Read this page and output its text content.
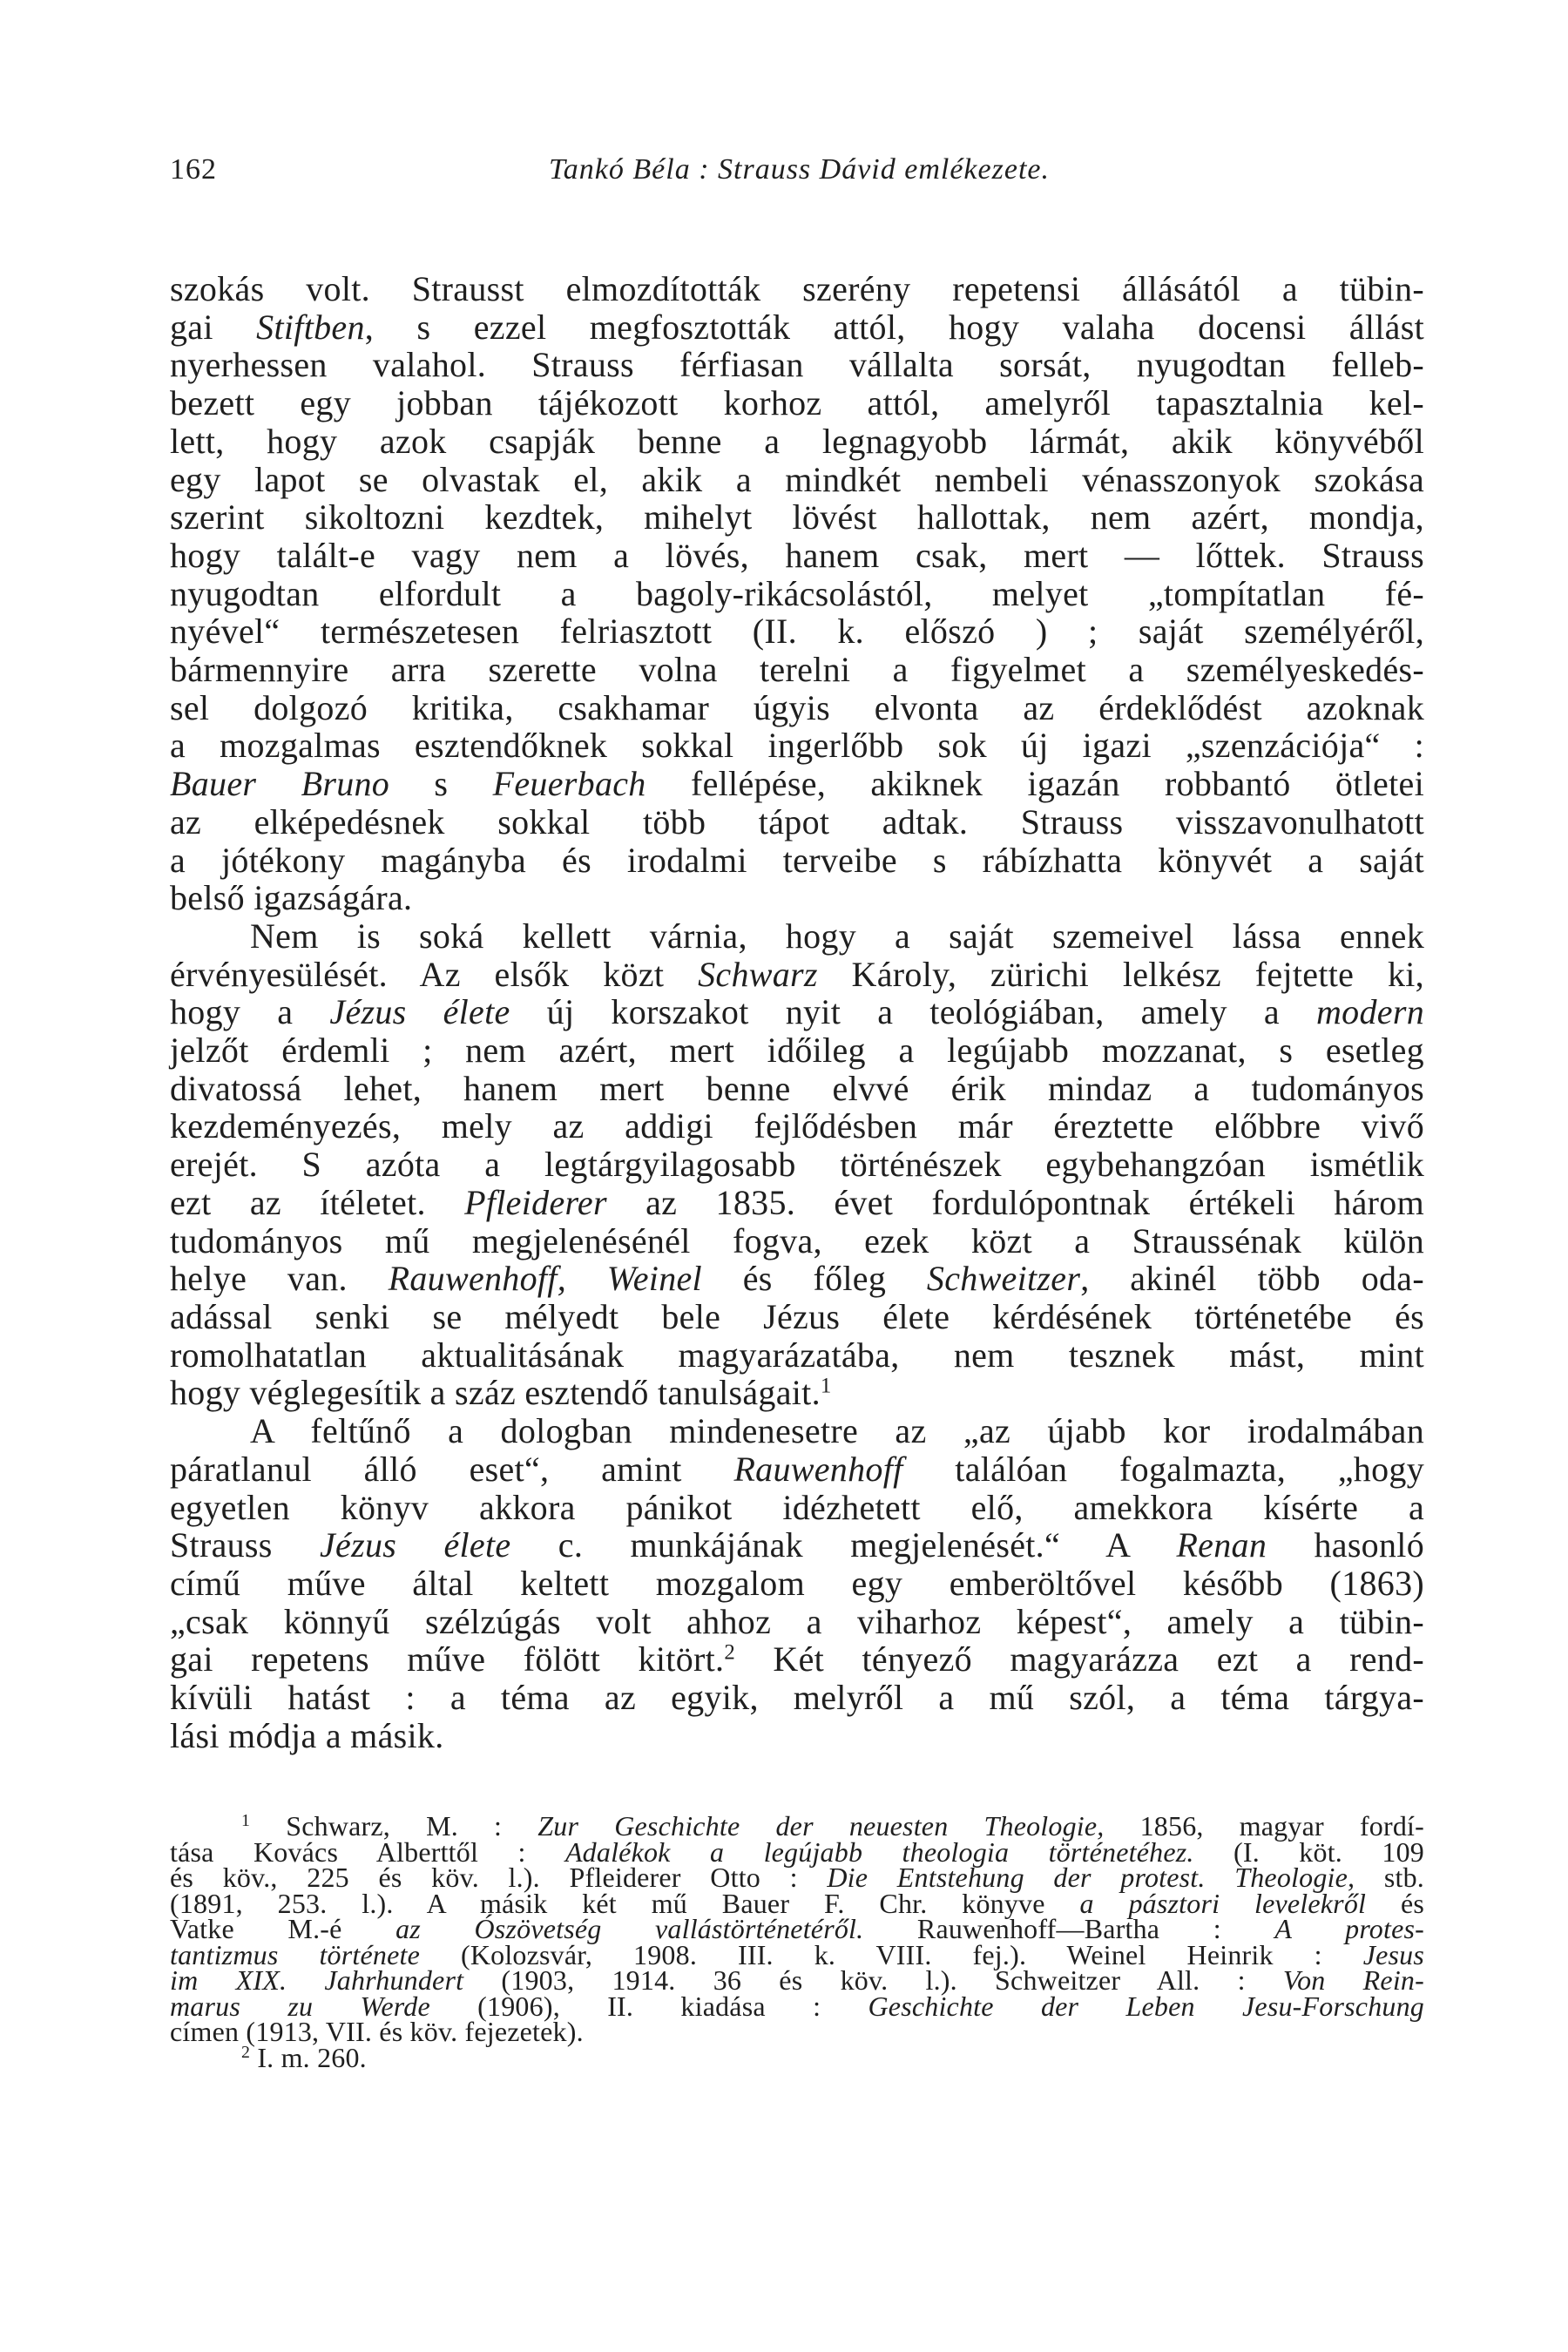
162	Tankó Béla : Strauss Dávid emlékezete.
szokás volt. Strausst elmozdították szerény repetensi állásától a tübin-
gai Stiftben, s ezzel megfosztották attól, hogy valaha docensi állást
nyerhessen valahol. Strauss férfiasan vállalta sorsát, nyugodtan felleb-
bezett egy jobban tájékozott korhoz attól, amelyről tapasztalnia kel-
lett, hogy azok csapják benne a legnagyobb lármát, akik könyvéből
egy lapot se olvastak el, akik a mindkét nembeli vénasszonyok szokása
szerint sikoltozni kezdtek, mihelyt lövést hallottak, nem azért, mondja,
hogy talált-e vagy nem a lövés, hanem csak, mert — lőttek. Strauss
nyugodtan elfordult a bagoly-rikácsolástól, melyet „tompítatlan fé-
nyével“ természetesen felriasztott (II. k. előszó ) ; saját személyéről,
bármennyire arra szerette volna terelni a figyelmet a személyeskedés-
sel dolgozó kritika, csakhamar úgyis elvonta az érdeklődést azoknak
a mozgalmas esztendőknek sokkal ingerlőbb sok új igazi „szenzációja“ :
Bauer Bruno s Feuerbach fellépése, akiknek igazán robbantó ötletei
az elképedésnek sokkal több tápot adtak. Strauss visszavonulhatott
a jótékony magányba és irodalmi terveibe s rábízhatta könyvét a saját
belső igazságára.
Nem is soká kellett várnia, hogy a saját szemeivel lássa ennek
érvényesülését. Az elsők közt Schwarz Károly, zürichi lelkész fejtette ki,
hogy a Jézus élete új korszakot nyit a teológiában, amely a modern
jelzőt érdemli ; nem azért, mert időileg a legújabb mozzanat, s esetleg
divatossá lehet, hanem mert benne elvvé érik mindaz a tudományos
kezdeményezés, mely az addigi fejlődésben már éreztette előbbre vivő
erejét. S azóta a legtárgyilagosabb történészek egybehangzóan ismétlik
ezt az ítéletet. Pfleiderer az 1835. évet fordulópontnak értékeli három
tudományos mű megjelenésénél fogva, ezek közt a Straussénak külön
helye van. Rauwenhoff, Weinel és főleg Schweitzer, akinél több oda-
adással senki se mélyedt bele Jézus élete kérdésének történetébe és
romolhatatlan aktualitásának magyarázatába, nem tesznek mást, mint
hogy véglegesítik a száz esztendő tanulságait.$^1$
A feltűnő a dologban mindenesetre az „az újabb kor irodalmában
páratlanul álló eset“, amint Rauwenhoff találóan fogalmazta, „hogy
egyetlen könyv akkora pánikot idézhetett elő, amekkora kísérte a
Strauss Jézus élete c. munkájának megjelenését.“ A Renan hasonló
című műve által keltett mozgalom egy emberöltővel később (1863)
„csak könnyű szélzúgás volt ahhoz a viharhoz képest“, amely a tübin-
gai repetens műve fölött kitört.$^2$ Két tényező magyarázza ezt a rend-
kívüli hatást : a téma az egyik, melyről a mű szól, a téma tárgya-
lási módja a másik.
$^1$ Schwarz, M. : Zur Geschichte der neuesten Theologie, 1856, magyar fordí-
tása Kovács Alberttől : Adalékok a legújabb theologia történetéhez. (I. köt. 109
és köv., 225 és köv. l.). Pfleiderer Otto : Die Entstehung der protest. Theologie, stb.
(1891, 253. l.). A másik két mű Bauer F. Chr. könyve a pásztori levelekről és
Vatke M.-é az Ószövetség vallástörténetéről. Rauwenhoff—Bartha : A protes-
tantizmus története (Kolozsvár, 1908. III. k. VIII. fej.). Weinel Heinrik : Jesus
im XIX. Jahrhundert (1903, 1914. 36 és köv. l.). Schweitzer All. : Von Rein-
marus zu Werde (1906), II. kiadása : Geschichte der Leben Jesu-Forschung
címen (1913, VII. és köv. fejezetek).
$^2$ I. m. 260.
